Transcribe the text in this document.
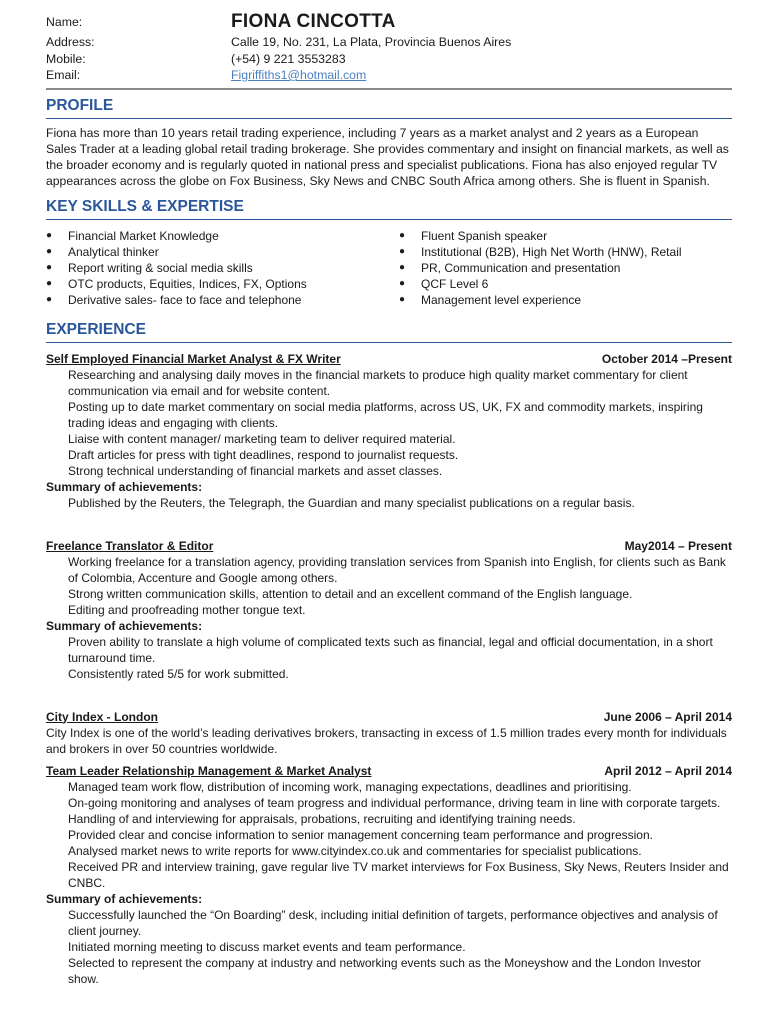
Name:	FIONA CINCOTTA
Address:	Calle 19, No. 231, La Plata, Provincia Buenos Aires
Mobile:	(+54) 9 221 3553283
Email:	Figriffiths1@hotmail.com
PROFILE

Fiona has more than 10 years retail trading experience, including 7 years as a market analyst and 2 years as a European Sales Trader at a leading global retail trading brokerage. She provides commentary and insight on financial markets, as well as the broader economy and is regularly quoted in national press and specialist publications. Fiona has also enjoyed regular TV appearances across the globe on Fox Business, Sky News and CNBC South Africa among others. She is fluent in Spanish.

KEY SKILLS & EXPERTISE
● Financial Market Knowledge
● Analytical thinker
● Report writing & social media skills
● OTC products, Equities, Indices, FX, Options
● Derivative sales- face to face and telephone
● Fluent Spanish speaker
● Institutional (B2B), High Net Worth (HNW), Retail
● PR, Communication and presentation
● QCF Level 6
● Management level experience
EXPERIENCE
Self Employed Financial Market Analyst & FX Writer	October 2014 –Present

Researching and analysing daily moves in the financial markets to produce high quality market commentary for client communication via email and for website content.

Posting up to date market commentary on social media platforms, across US, UK, FX and commodity markets, inspiring trading ideas and engaging with clients.

Liaise with content manager/ marketing team to deliver required material.

Draft articles for press with tight deadlines, respond to journalist requests.

Strong technical understanding of financial markets and asset classes.

Summary of achievements:

Published by the Reuters, the Telegraph, the Guardian and many specialist publications on a regular basis.

Freelance Translator & Editor	May2014 – Present

Working freelance for a translation agency, providing translation services from Spanish into English, for clients such as Bank of Colombia, Accenture and Google among others.

Strong written communication skills, attention to detail and an excellent command of the English language.

Editing and proofreading mother tongue text.

Summary of achievements:

Proven ability to translate a high volume of complicated texts such as financial, legal and official documentation, in a short turnaround time.

Consistently rated 5/5 for work submitted.

City Index - London	June 2006 – April 2014

City Index is one of the world’s leading derivatives brokers, transacting in excess of 1.5 million trades every month for individuals and brokers in over 50 countries worldwide.

Team Leader Relationship Management & Market Analyst	April 2012 – April 2014

Managed team work flow, distribution of incoming work, managing expectations, deadlines and prioritising.

On-going monitoring and analyses of team progress and individual performance, driving team in line with corporate targets.

Handling of and interviewing for appraisals, probations, recruiting and identifying training needs.

Provided clear and concise information to senior management concerning team performance and progression.

Analysed market news to write reports for www.cityindex.co.uk and commentaries for specialist publications.

Received PR and interview training, gave regular live TV market interviews for Fox Business, Sky News, Reuters Insider and CNBC.

Summary of achievements:

Successfully launched the “On Boarding” desk, including initial definition of targets, performance objectives and analysis of client journey.

Initiated morning meeting to discuss market events and team performance.

Selected to represent the company at industry and networking events such as the Moneyshow and the London Investor show.
